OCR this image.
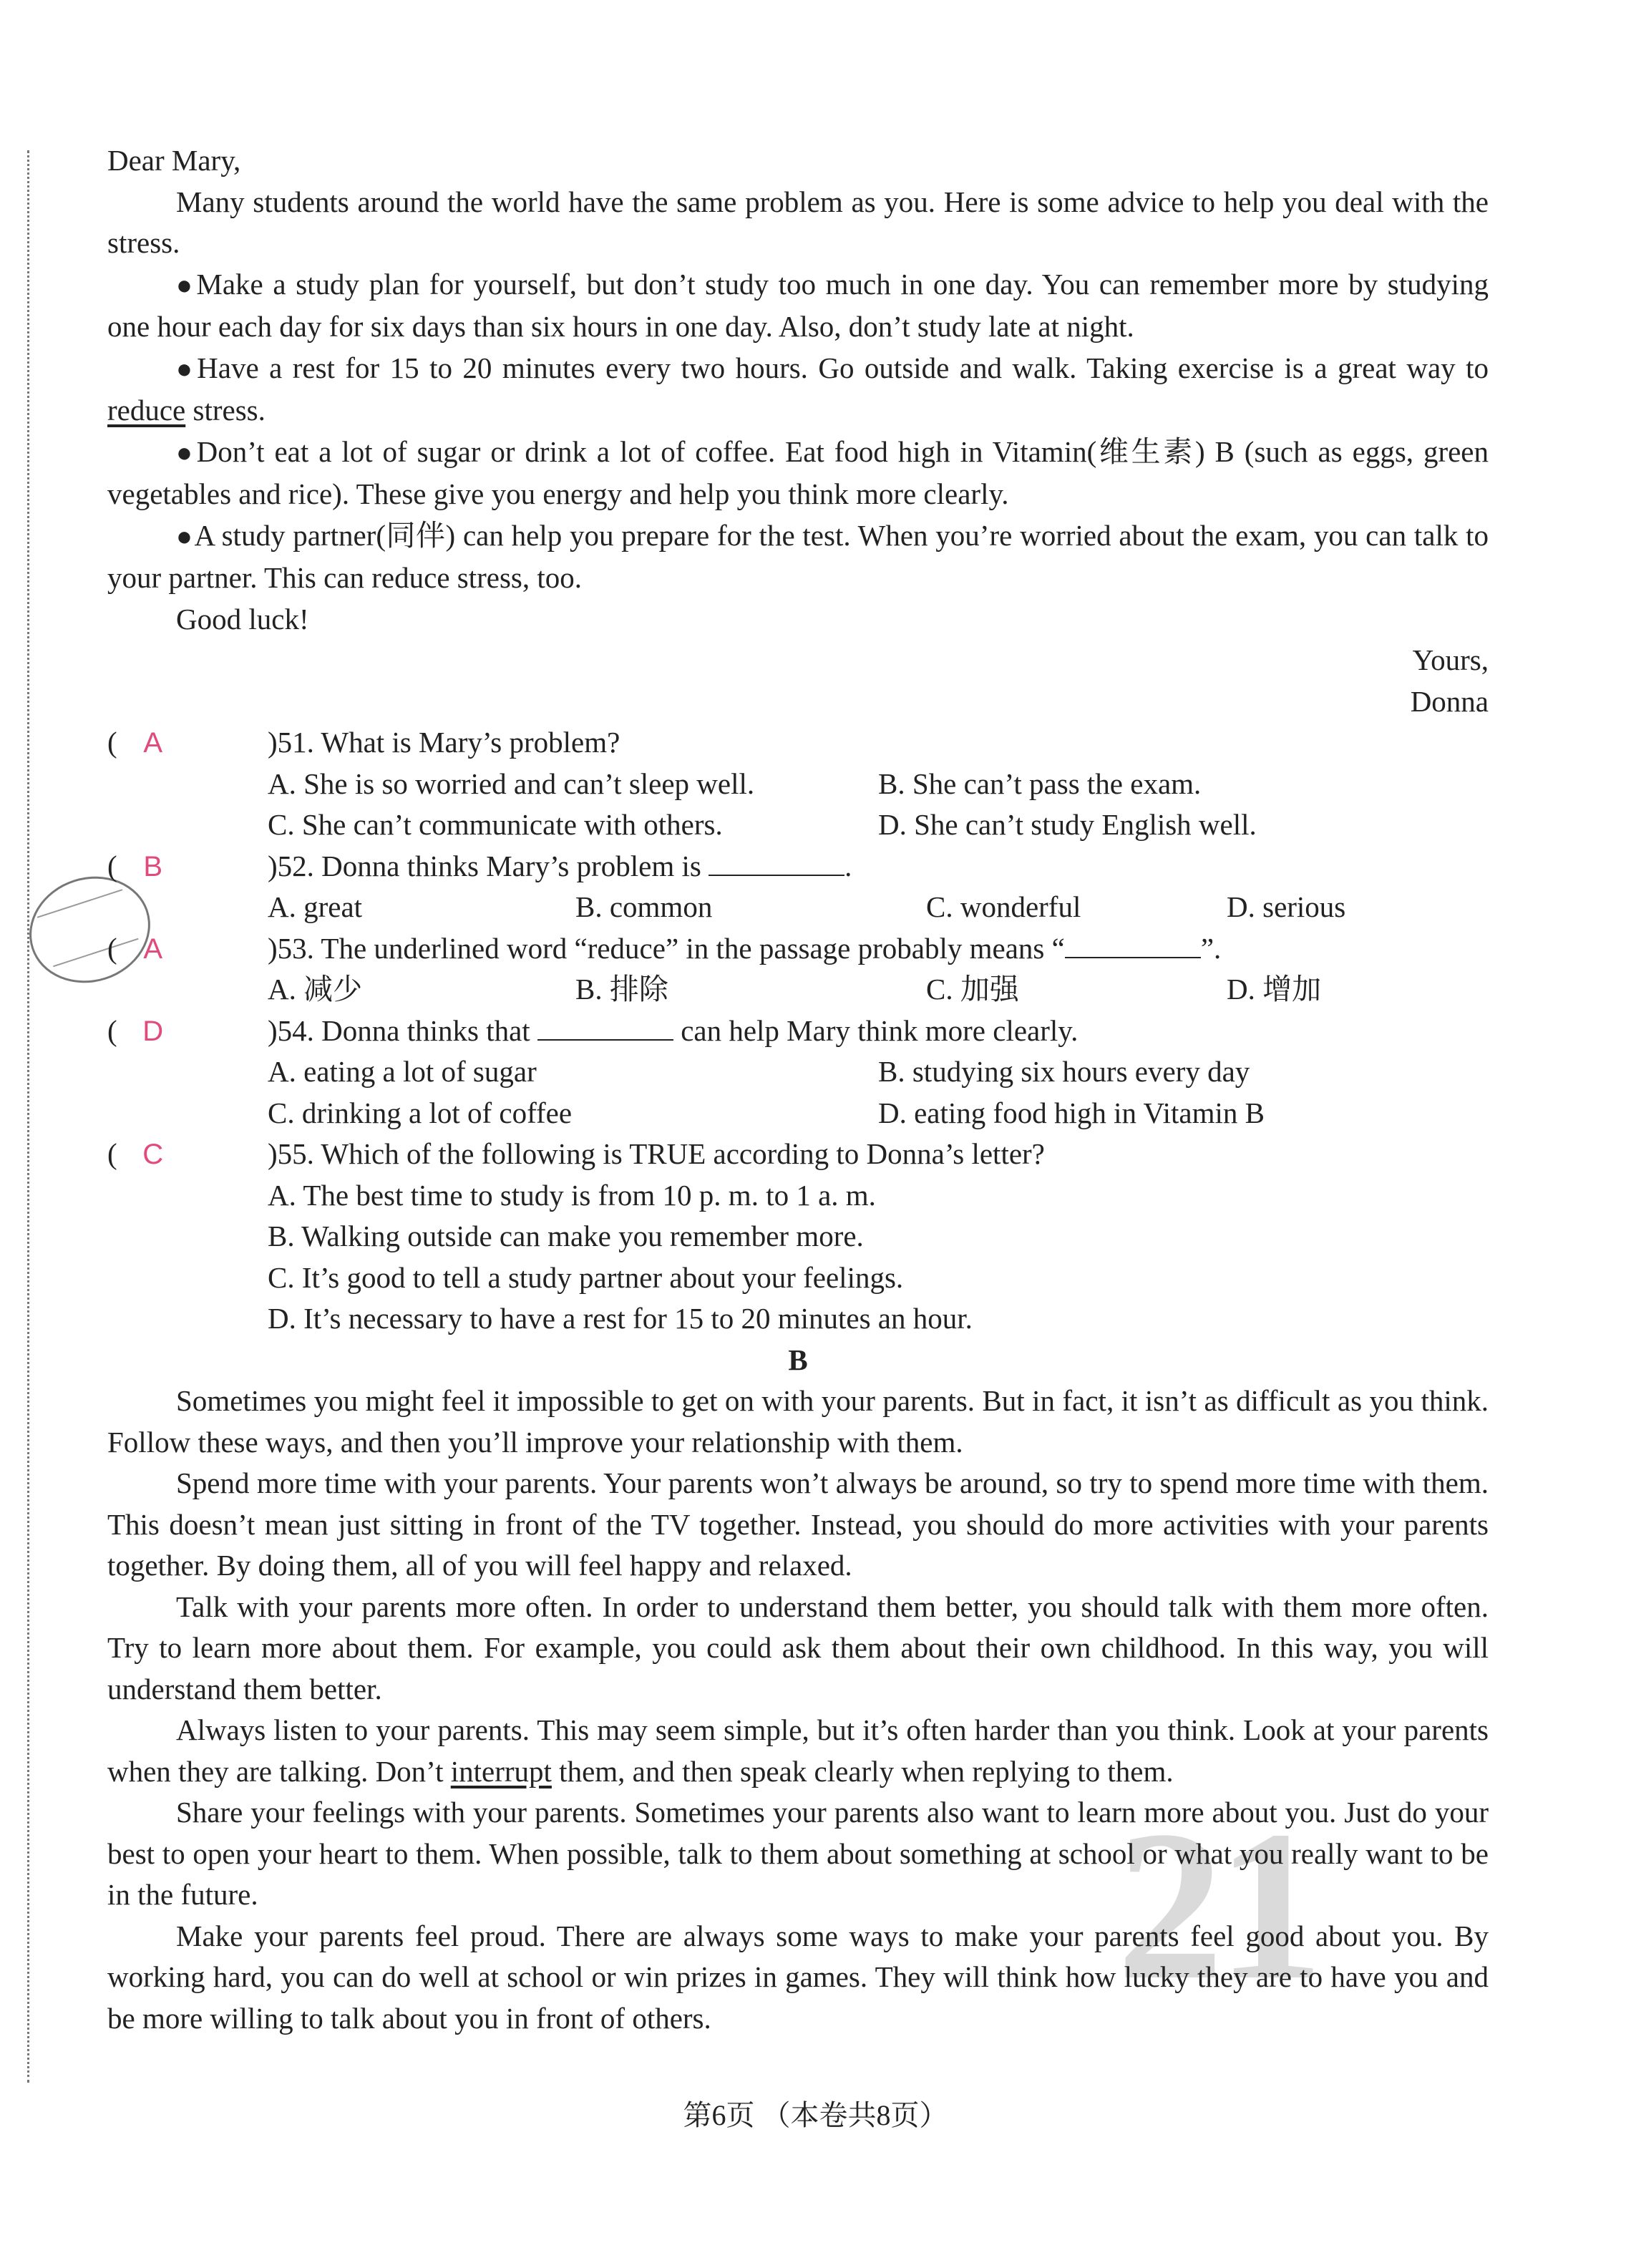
21

Dear Mary,

Many students around the world have the same problem as you. Here is some advice to help you deal with the stress.

●Make a study plan for yourself, but don’t study too much in one day. You can remember more by studying one hour each day for six days than six hours in one day. Also, don’t study late at night.

●Have a rest for 15 to 20 minutes every two hours. Go outside and walk. Taking exercise is a great way to reduce stress.

●Don’t eat a lot of sugar or drink a lot of coffee. Eat food high in Vitamin(维生素) B (such as eggs, green vegetables and rice). These give you energy and help you think more clearly.

●A study partner(同伴) can help you prepare for the test. When you’re worried about the exam, you can talk to your partner. This can reduce stress, too.

Good luck!

Yours,
Donna

( A	)51. What is Mary’s problem?

A. She is so worried and can’t sleep well.	B. She can’t pass the exam.
C. She can’t communicate with others.	D. She can’t study English well.

( B	)52. Donna thinks Mary’s problem is	.

A. great	B. common	C. wonderful	D. serious

( A	)53. The underlined word “reduce” in the passage probably means “	”.

A. 减少	B. 排除	C. 加强	D. 增加

( D	)54. Donna thinks that	can help Mary think more clearly.

A. eating a lot of sugar	B. studying six hours every day
C. drinking a lot of coffee	D. eating food high in Vitamin B

( C	)55. Which of the following is TRUE according to Donna’s letter?

A. The best time to study is from 10 p. m. to 1 a. m.

B. Walking outside can make you remember more.

C. It’s good to tell a study partner about your feelings.

D. It’s necessary to have a rest for 15 to 20 minutes an hour.

B

Sometimes you might feel it impossible to get on with your parents. But in fact, it isn’t as difficult as you think. Follow these ways, and then you’ll improve your relationship with them.

Spend more time with your parents. Your parents won’t always be around, so try to spend more time with them. This doesn’t mean just sitting in front of the TV together. Instead, you should do more activities with your parents together. By doing them, all of you will feel happy and relaxed.

Talk with your parents more often. In order to understand them better, you should talk with them more often. Try to learn more about them. For example, you could ask them about their own childhood. In this way, you will understand them better.

Always listen to your parents. This may seem simple, but it’s often harder than you think. Look at your parents when they are talking. Don’t interrupt them, and then speak clearly when replying to them.

Share your feelings with your parents. Sometimes your parents also want to learn more about you. Just do your best to open your heart to them. When possible, talk to them about something at school or what you really want to be in the future.

Make your parents feel proud. There are always some ways to make your parents feel good about you. By working hard, you can do well at school or win prizes in games. They will think how lucky they are to have you and be more willing to talk about you in front of others.

第6页 （本卷共8页）
